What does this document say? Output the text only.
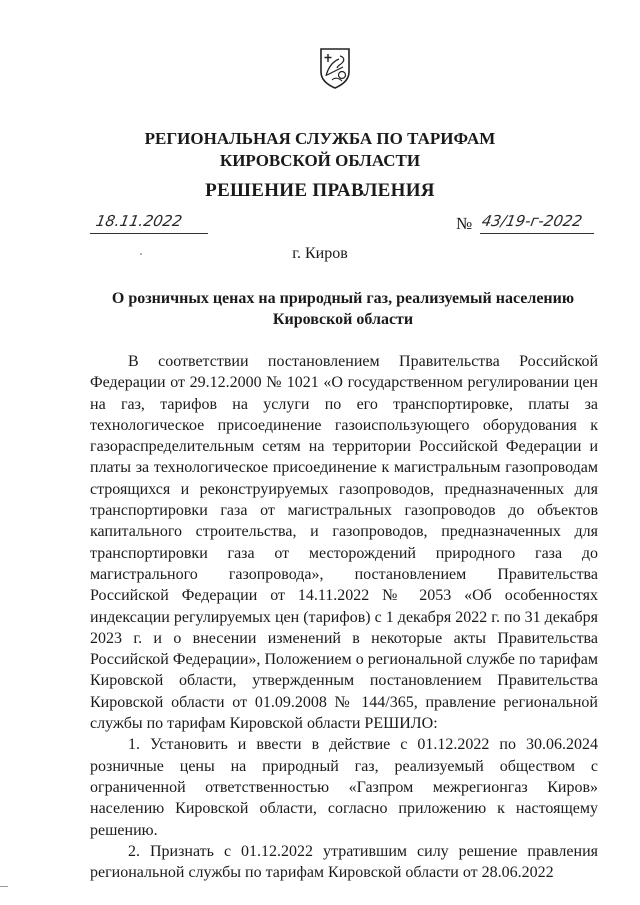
РЕГИОНАЛЬНАЯ СЛУЖБА ПО ТАРИФАМ
КИРОВСКОЙ ОБЛАСТИ
РЕШЕНИЕ ПРАВЛЕНИЯ
18.11.2022	№ 43/19-г-2022
г. Киров
О розничных ценах на природный газ, реализуемый населению
Кировской области

В соответствии постановлением Правительства Российской Федерации от 29.12.2000 № 1021 «О государственном регулировании цен на газ, тарифов на услуги по его транспортировке, платы за технологическое присоединение газоиспользующего оборудования к газораспределительным сетям на территории Российской Федерации и платы за технологическое присоединение к магистральным газопроводам строящихся и реконструируемых газопроводов, предназначенных для транспортировки газа от магистральных газопроводов до объектов капитального строительства, и газопроводов, предназначенных для транспортировки газа от месторождений природного газа до магистрального газопровода», постановлением Правительства Российской Федерации от 14.11.2022 № 2053 «Об особенностях индексации регулируемых цен (тарифов) с 1 декабря 2022 г. по 31 декабря 2023 г. и о внесении изменений в некоторые акты Правительства Российской Федерации», Положением о региональной службе по тарифам Кировской области, утвержденным постановлением Правительства Кировской области от 01.09.2008 № 144/365, правление региональной службы по тарифам Кировской области РЕШИЛО:

1. Установить и ввести в действие с 01.12.2022 по 30.06.2024 розничные цены на природный газ, реализуемый обществом с ограниченной ответственностью «Газпром межрегионгаз Киров» населению Кировской области, согласно приложению к настоящему решению.

2. Признать с 01.12.2022 утратившим силу решение правления региональной службы по тарифам Кировской области от 28.06.2022
